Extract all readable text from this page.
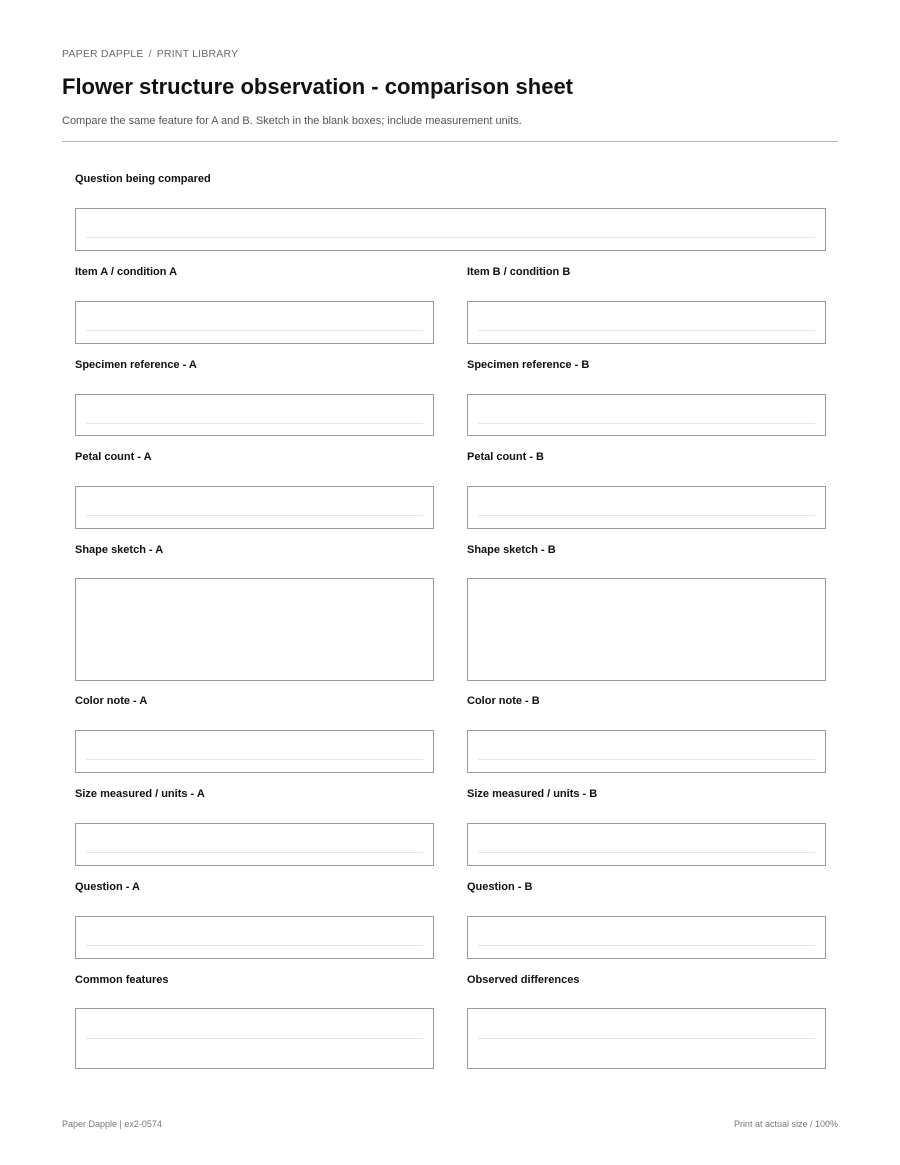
PAPER DAPPLE / PRINT LIBRARY
Flower structure observation - comparison sheet
Compare the same feature for A and B. Sketch in the blank boxes; include measurement units.
Question being compared
Item A / condition A	Item B / condition B
Specimen reference - A	Specimen reference - B
Petal count - A	Petal count - B
Shape sketch - A	Shape sketch - B
Color note - A	Color note - B
Size measured / units - A	Size measured / units - B
Question - A	Question - B
Common features	Observed differences
Paper Dapple | ex2-0574	Print at actual size / 100%
